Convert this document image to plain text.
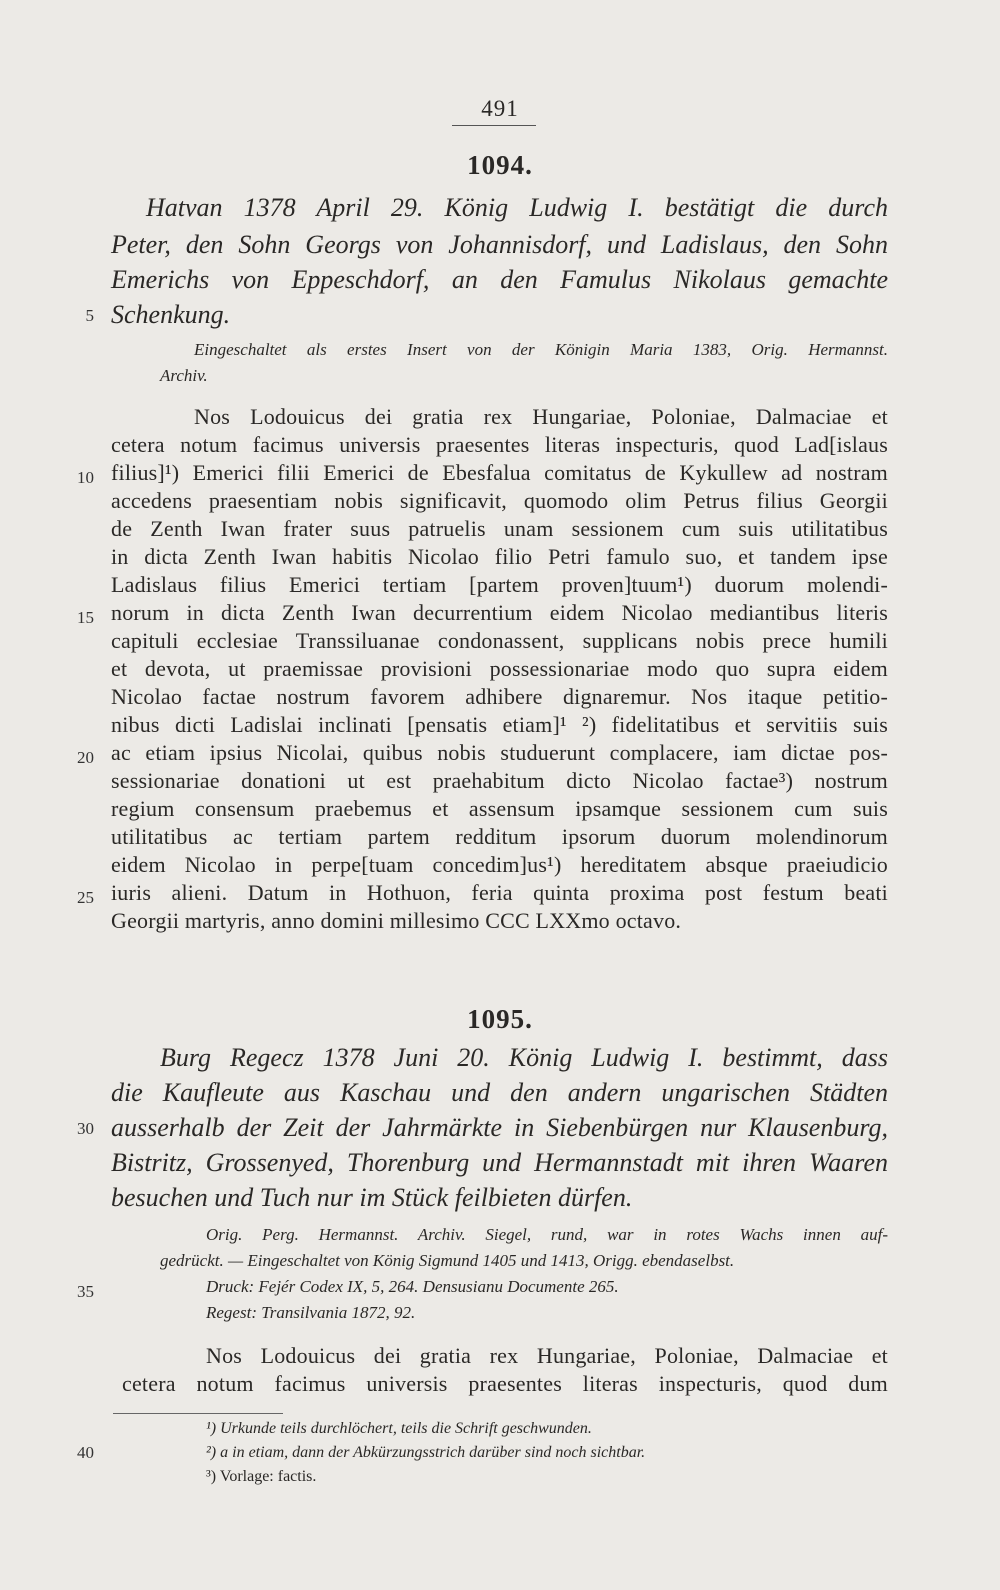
491
1094.
Hatvan 1378 April 29. König Ludwig I. bestätigt die durch
Peter, den Sohn Georgs von Johannisdorf, und Ladislaus, den Sohn
Emerichs von Eppeschdorf, an den Famulus Nikolaus gemachte
Schenkung.
Eingeschaltet als erstes Insert von der Königin Maria 1383, Orig. Hermannst.
Archiv.
Nos Lodouicus dei gratia rex Hungariae, Poloniae, Dalmaciae et
cetera notum facimus universis praesentes literas inspecturis, quod Lad[islaus
filius]¹) Emerici filii Emerici de Ebesfalua comitatus de Kykullew ad nostram
accedens praesentiam nobis significavit, quomodo olim Petrus filius Georgii
de Zenth Iwan frater suus patruelis unam sessionem cum suis utilitatibus
in dicta Zenth Iwan habitis Nicolao filio Petri famulo suo, et tandem ipse
Ladislaus filius Emerici tertiam [partem proven]tuum¹) duorum molendi-
norum in dicta Zenth Iwan decurrentium eidem Nicolao mediantibus literis
capituli ecclesiae Transsiluanae condonassent, supplicans nobis prece humili
et devota, ut praemissae provisioni possessionariae modo quo supra eidem
Nicolao factae nostrum favorem adhibere dignaremur. Nos itaque petitio-
nibus dicti Ladislai inclinati [pensatis etiam]¹ ²) fidelitatibus et servitiis suis
ac etiam ipsius Nicolai, quibus nobis studuerunt complacere, iam dictae pos-
sessionariae donationi ut est praehabitum dicto Nicolao factae³) nostrum
regium consensum praebemus et assensum ipsamque sessionem cum suis
utilitatibus ac tertiam partem redditum ipsorum duorum molendinorum
eidem Nicolao in perpe[tuam concedim]us¹) hereditatem absque praeiudicio
iuris alieni. Datum in Hothuon, feria quinta proxima post festum beati
Georgii martyris, anno domini millesimo CCC LXXmo octavo.
1095.
Burg Regecz 1378 Juni 20. König Ludwig I. bestimmt, dass
die Kaufleute aus Kaschau und den andern ungarischen Städten
ausserhalb der Zeit der Jahrmärkte in Siebenbürgen nur Klausenburg,
Bistritz, Grossenyed, Thorenburg und Hermannstadt mit ihren Waaren
besuchen und Tuch nur im Stück feilbieten dürfen.
Orig. Perg. Hermannst. Archiv. Siegel, rund, war in rotes Wachs innen auf-
gedrückt. — Eingeschaltet von König Sigmund 1405 und 1413, Origg. ebendaselbst.
Druck: Fejér Codex IX, 5, 264. Densusianu Documente 265.
Regest: Transilvania 1872, 92.
Nos Lodouicus dei gratia rex Hungariae, Poloniae, Dalmaciae et
cetera notum facimus universis praesentes literas inspecturis, quod dum
¹) Urkunde teils durchlöchert, teils die Schrift geschwunden.
²) a in etiam, dann der Abkürzungsstrich darüber sind noch sichtbar.
³) Vorlage: factis.
5
10
15
20
25
30
35
40
